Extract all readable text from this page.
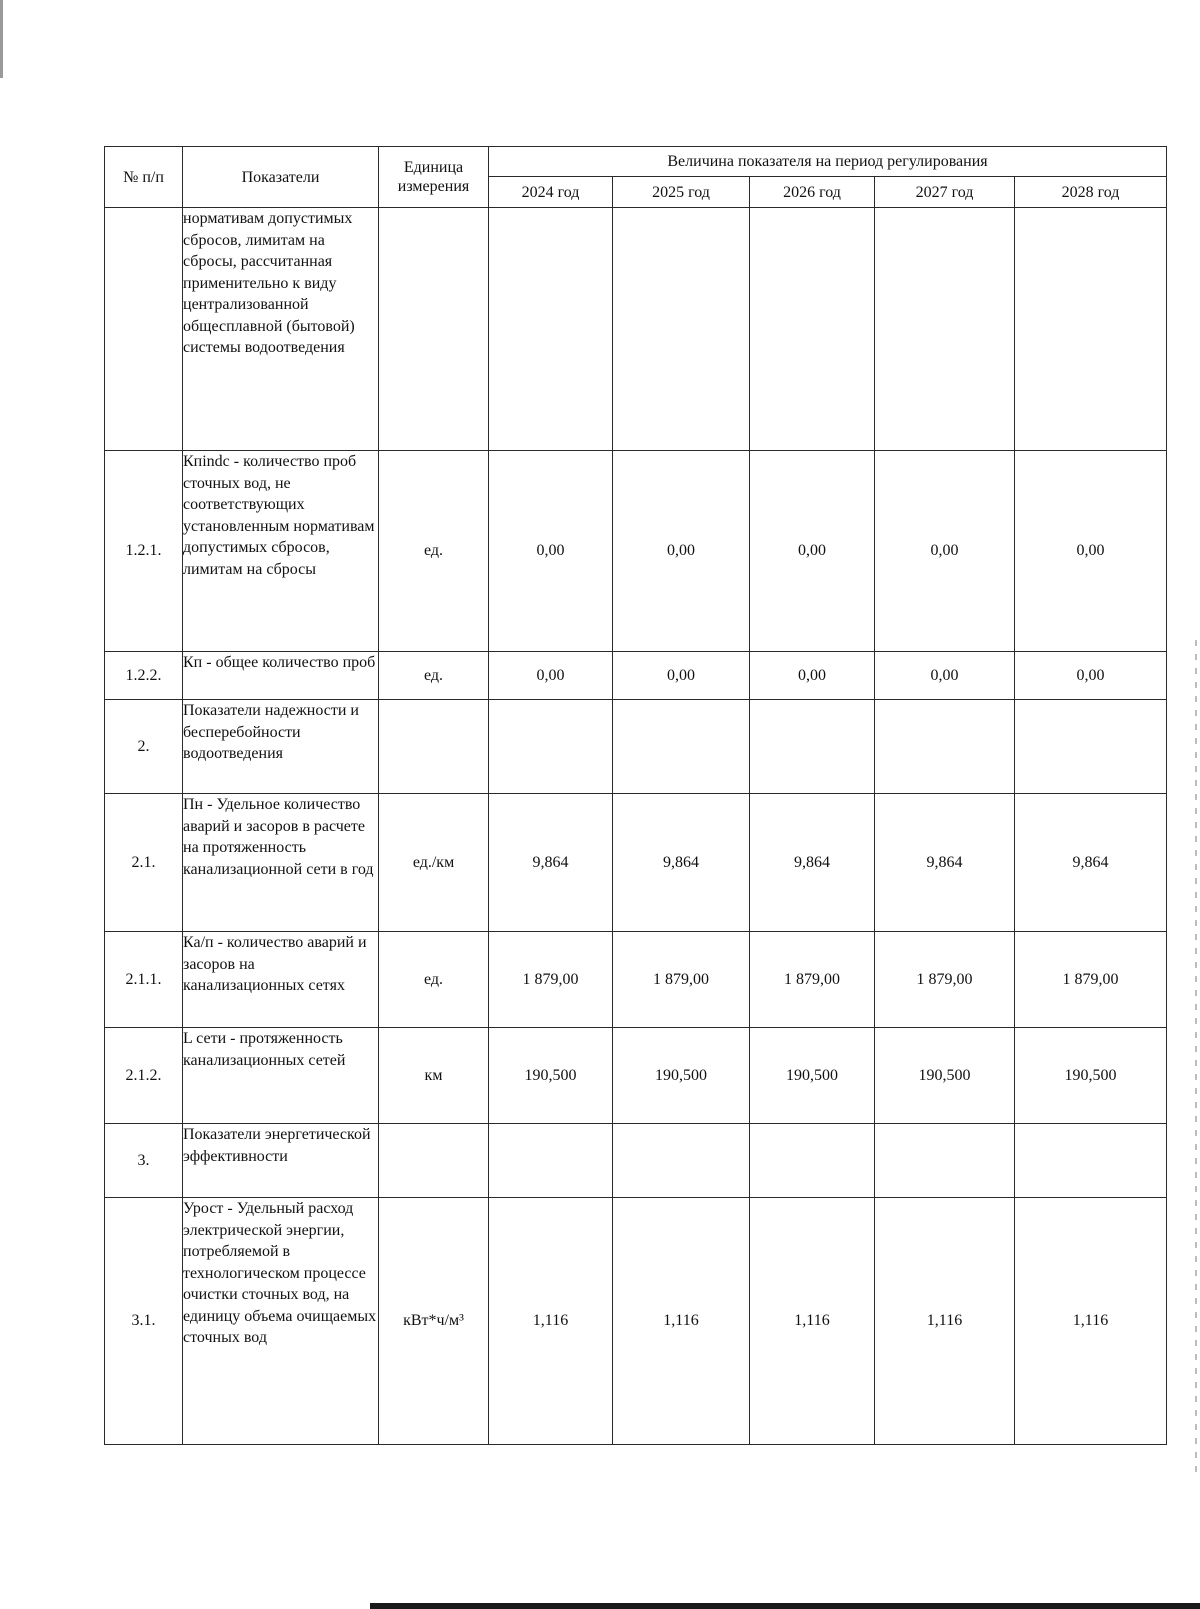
№ п/п	Показатели	Единица измерения	Величина показателя на период регулирования				
			2024 год	2025 год	2026 год	2027 год	2028 год
	нормативам допустимых сбросов, лимитам на сбросы, рассчитанная применительно к виду централизованной общесплавной (бытовой) системы водоотведения						
1.2.1.	Кпindc - количество проб сточных вод, не соответствующих установленным нормативам допустимых сбросов, лимитам на сбросы	ед.	0,00	0,00	0,00	0,00	0,00
1.2.2.	Кп - общее количество проб	ед.	0,00	0,00	0,00	0,00	0,00
2.	Показатели надежности и бесперебойности водоотведения						
2.1.	Пн - Удельное количество аварий и засоров в расчете на протяженность канализационной сети в год	ед./км	9,864	9,864	9,864	9,864	9,864
2.1.1.	Ка/п - количество аварий и засоров на канализационных сетях	ед.	1 879,00	1 879,00	1 879,00	1 879,00	1 879,00
2.1.2.	L сети - протяженность канализационных сетей	км	190,500	190,500	190,500	190,500	190,500
3.	Показатели энергетической эффективности						
3.1.	Урост - Удельный расход электрической энергии, потребляемой в технологическом процессе очистки сточных вод, на единицу объема очищаемых сточных вод	кВт*ч/м³	1,116	1,116	1,116	1,116	1,116
